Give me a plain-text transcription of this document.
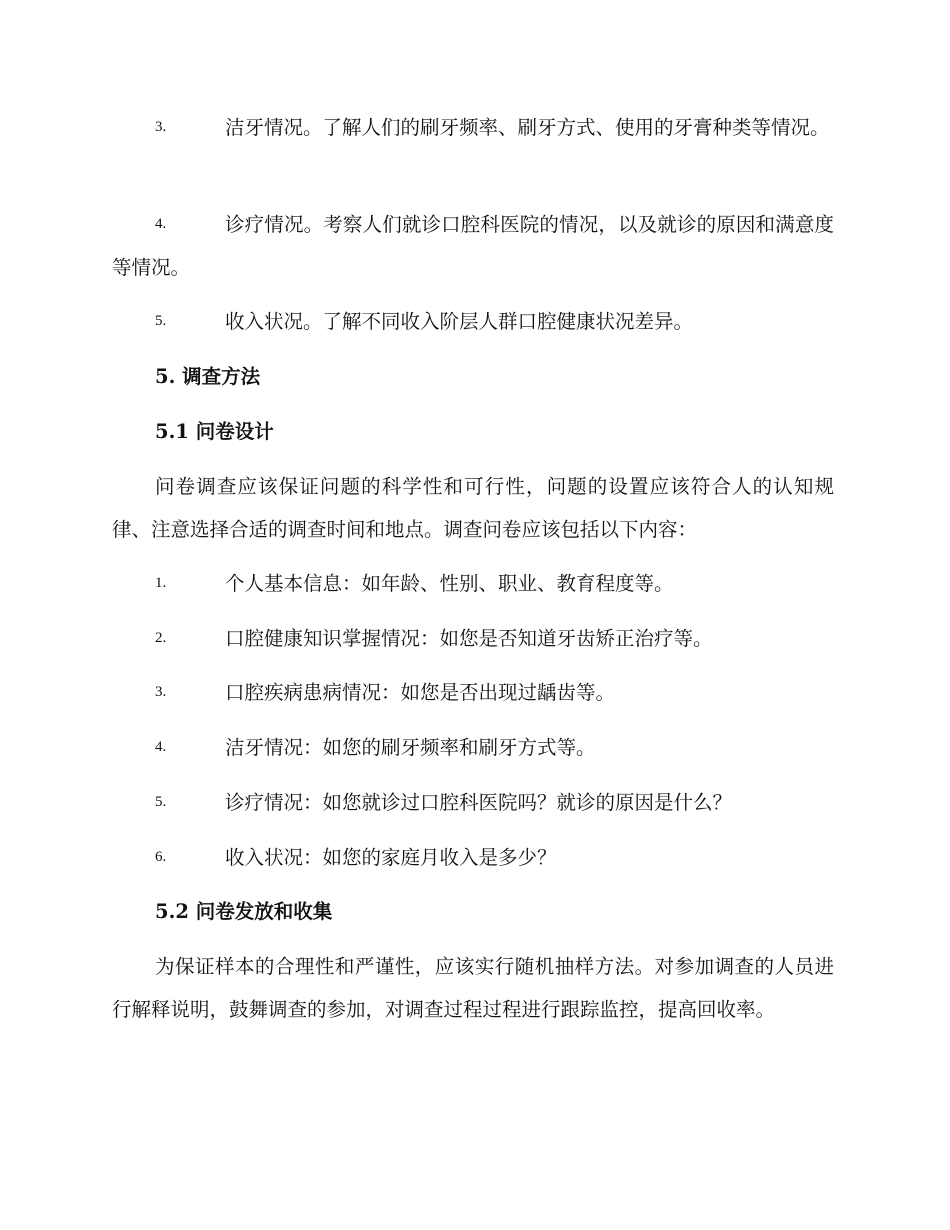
3.	洁牙情况。了解人们的刷牙频率、刷牙方式、使用的牙膏种类等情况。
4.	诊疗情况。考察人们就诊口腔科医院的情况，以及就诊的原因和满意度等情况。
5.	收入状况。了解不同收入阶层人群口腔健康状况差异。
5. 调查方法
5.1 问卷设计
问卷调查应该保证问题的科学性和可行性，问题的设置应该符合人的认知规律、注意选择合适的调查时间和地点。调查问卷应该包括以下内容：
1.	个人基本信息：如年龄、性别、职业、教育程度等。
2.	口腔健康知识掌握情况：如您是否知道牙齿矫正治疗等。
3.	口腔疾病患病情况：如您是否出现过龋齿等。
4.	洁牙情况：如您的刷牙频率和刷牙方式等。
5.	诊疗情况：如您就诊过口腔科医院吗？就诊的原因是什么？
6.	收入状况：如您的家庭月收入是多少？
5.2 问卷发放和收集
为保证样本的合理性和严谨性，应该实行随机抽样方法。对参加调查的人员进行解释说明，鼓舞调查的参加，对调查过程过程进行跟踪监控，提高回收率。
